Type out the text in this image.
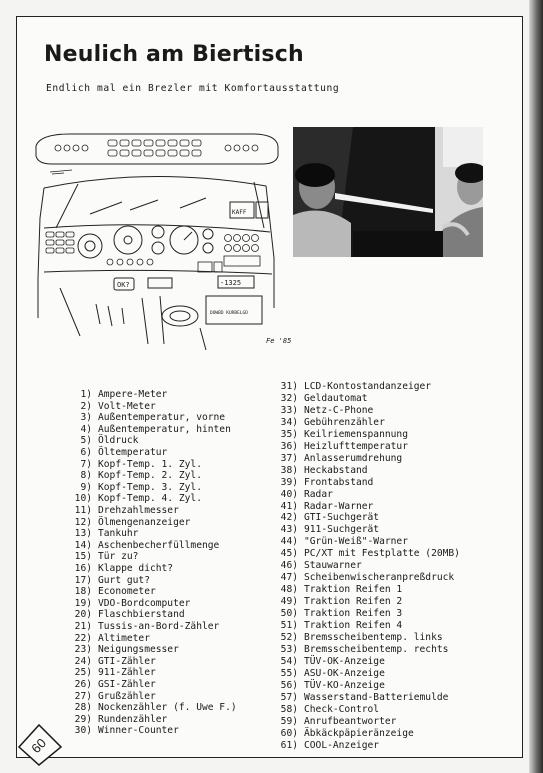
Neulich am Biertisch
Endlich mal ein Brezler mit Komfortausstattung
KAFF
OK?	-1325
DOWBD KURBELGD
Fe '85
1) Ampere-Meter
2) Volt-Meter
3) Außentemperatur, vorne
4) Außentemperatur, hinten
5) Öldruck
6) Öltemperatur
7) Kopf-Temp. 1. Zyl.
8) Kopf-Temp. 2. Zyl.
9) Kopf-Temp. 3. Zyl.
10) Kopf-Temp. 4. Zyl.
11) Drehzahlmesser
12) Ölmengenanzeiger
13) Tankuhr
14) Aschenbecherfüllmenge
15) Tür zu?
16) Klappe dicht?
17) Gurt gut?
18) Econometer
19) VDO-Bordcomputer
20) Flaschbierstand
21) Tussis-an-Bord-Zähler
22) Altimeter
23) Neigungsmesser
24) GTI-Zähler
25) 911-Zähler
26) GSI-Zähler
27) Grußzähler
28) Nockenzähler (f. Uwe F.)
29) Rundenzähler
30) Winner-Counter
31) LCD-Kontostandanzeiger
32) Geldautomat
33) Netz-C-Phone
34) Gebührenzähler
35) Keilriemenspannung
36) Heizlufttemperatur
37) Anlasserumdrehung
38) Heckabstand
39) Frontabstand
40) Radar
41) Radar-Warner
42) GTI-Suchgerät
43) 911-Suchgerät
44) "Grün-Weiß"-Warner
45) PC/XT mit Festplatte (20MB)
46) Stauwarner
47) Scheibenwischeranpreßdruck
48) Traktion Reifen 1
49) Traktion Reifen 2
50) Traktion Reifen 3
51) Traktion Reifen 4
52) Bremsscheibentemp. links
53) Bremsscheibentemp. rechts
54) TÜV-OK-Anzeige
55) ASU-OK-Anzeige
56) TÜV-KO-Anzeige
57) Wasserstand-Batteriemulde
58) Check-Control
59) Anrufbeantworter
60) Äbkäckpäpieränzeige
61) COOL-Anzeiger
60
